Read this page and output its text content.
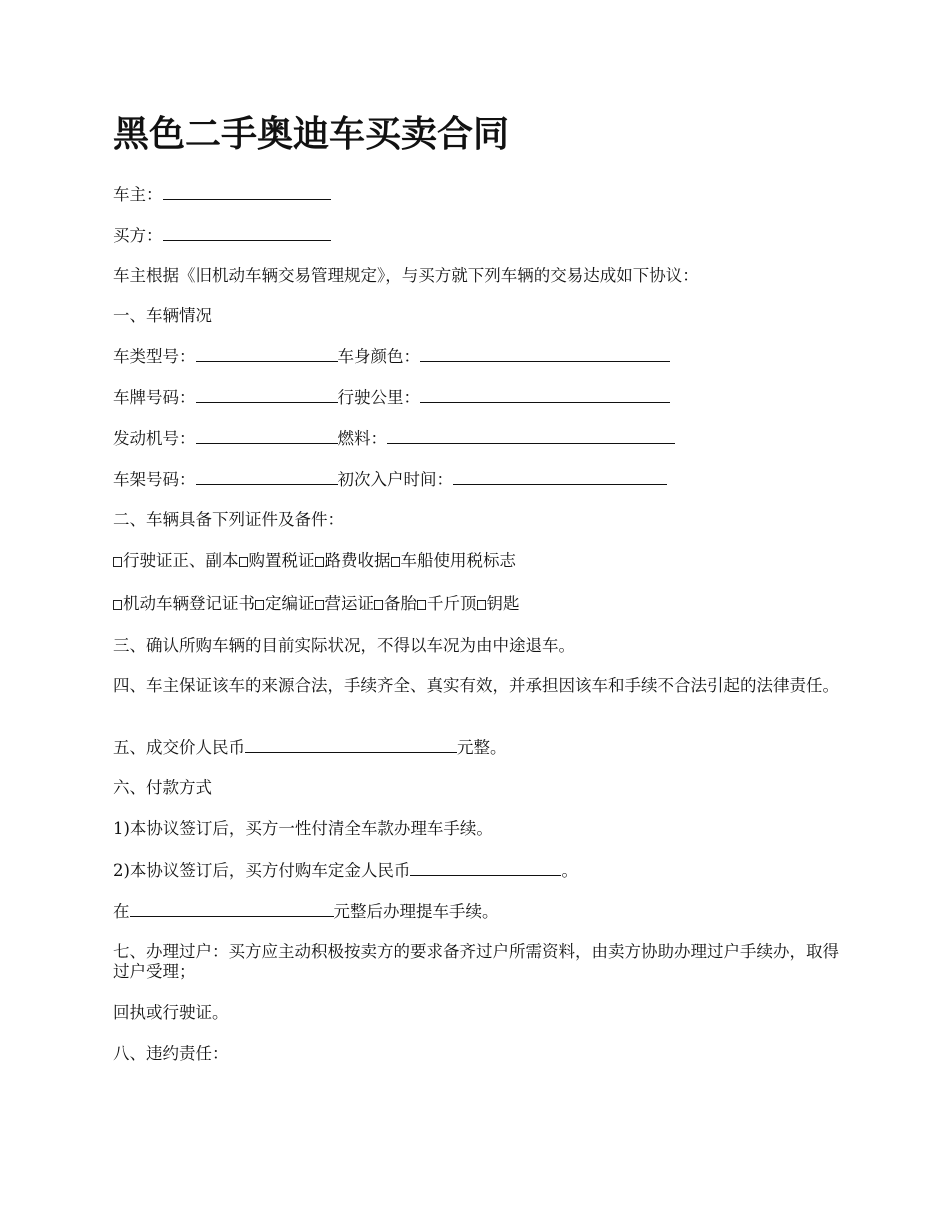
黑色二手奥迪车买卖合同
车主：
买方：
车主根据《旧机动车辆交易管理规定》，与买方就下列车辆的交易达成如下协议：
一、车辆情况
车类型号：	车身颜色：
车牌号码：	行驶公里：
发动机号：	燃料：
车架号码：	初次入户时间：
二、车辆具备下列证件及备件：
行驶证正、副本 购置税证 路费收据 车船使用税标志
机动车辆登记证书 定编证 营运证 备胎 千斤顶 钥匙
三、确认所购车辆的目前实际状况，不得以车况为由中途退车。
四、车主保证该车的来源合法，手续齐全、真实有效，并承担因该车和手续不合法引起的法律责任。
五、成交价人民币	元整。
六、付款方式
1)本协议签订后，买方一性付清全车款办理车手续。
2)本协议签订后，买方付购车定金人民币	。
在	元整后办理提车手续。
七、办理过户：买方应主动积极按卖方的要求备齐过户所需资料，由卖方协助办理过户手续办，取得过户受理；
回执或行驶证。
八、违约责任：
